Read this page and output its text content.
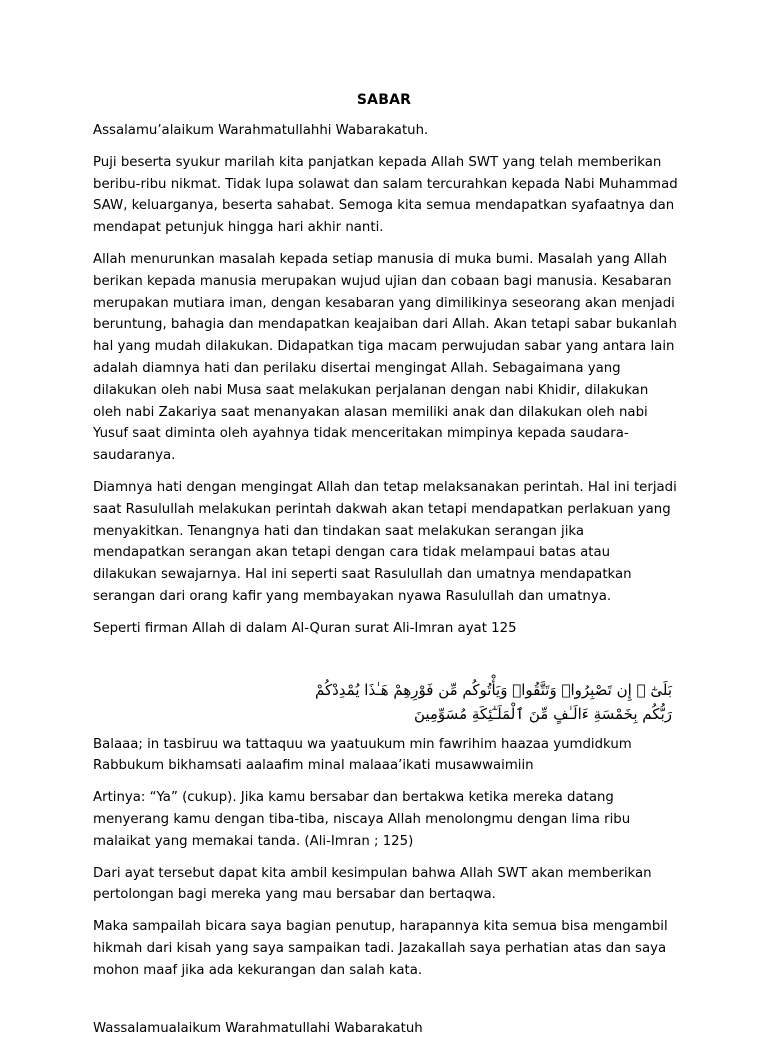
SABAR

Assalamu’alaikum Warahmatullahhi Wabarakatuh.

Puji beserta syukur marilah kita panjatkan kepada Allah SWT yang telah memberikan beribu-ribu nikmat. Tidak lupa solawat dan salam tercurahkan kepada Nabi Muhammad SAW, keluarganya, beserta sahabat. Semoga kita semua mendapatkan syafaatnya dan mendapat petunjuk hingga hari akhir nanti.

Allah menurunkan masalah kepada setiap manusia di muka bumi. Masalah yang Allah berikan kepada manusia merupakan wujud ujian dan cobaan bagi manusia. Kesabaran merupakan mutiara iman, dengan kesabaran yang dimilikinya seseorang akan menjadi beruntung, bahagia dan mendapatkan keajaiban dari Allah. Akan tetapi sabar bukanlah hal yang mudah dilakukan. Didapatkan tiga macam perwujudan sabar yang antara lain adalah diamnya hati dan perilaku disertai mengingat Allah. Sebagaimana yang dilakukan oleh nabi Musa saat melakukan perjalanan dengan nabi Khidir, dilakukan oleh nabi Zakariya saat menanyakan alasan memiliki anak dan dilakukan oleh nabi Yusuf saat diminta oleh ayahnya tidak menceritakan mimpinya kepada saudara-saudaranya.

Diamnya hati dengan mengingat Allah dan tetap melaksanakan perintah. Hal ini terjadi saat Rasulullah melakukan perintah dakwah akan tetapi mendapatkan perlakuan yang menyakitkan. Tenangnya hati dan tindakan saat melakukan serangan jika mendapatkan serangan akan tetapi dengan cara tidak melampaui batas atau dilakukan sewajarnya. Hal ini seperti saat Rasulullah dan umatnya mendapatkan serangan dari orang kafir yang membayakan nyawa Rasulullah dan umatnya.

Seperti firman Allah di dalam Al-Quran surat Ali-Imran ayat 125

بَلَىٰٓ ۚ إِن تَصْبِرُوا۟ وَتَتَّقُوا۟ وَيَأْتُوكُم مِّن فَوْرِهِمْ هَـٰذَا يُمْدِدْكُمْ
رَبُّكُم بِخَمْسَةِ ءَالَـٰفٍ مِّنَ ٱلْمَلَـٰٓئِكَةِ مُسَوِّمِينَ

Balaaa; in tasbiruu wa tattaquu wa yaatuukum min fawrihim haazaa yumdidkum Rabbukum bikhamsati aalaafim minal malaaa’ikati musawwaimiin

Artinya: “Ya” (cukup). Jika kamu bersabar dan bertakwa ketika mereka datang menyerang kamu dengan tiba-tiba, niscaya Allah menolongmu dengan lima ribu malaikat yang memakai tanda. (Ali-Imran ; 125)

Dari ayat tersebut dapat kita ambil kesimpulan bahwa Allah SWT akan memberikan pertolongan bagi mereka yang mau bersabar dan bertaqwa.

Maka sampailah bicara saya bagian penutup, harapannya kita semua bisa mengambil hikmah dari kisah yang saya sampaikan tadi. Jazakallah saya perhatian atas dan saya mohon maaf jika ada kekurangan dan salah kata.

Wassalamualaikum Warahmatullahi Wabarakatuh
